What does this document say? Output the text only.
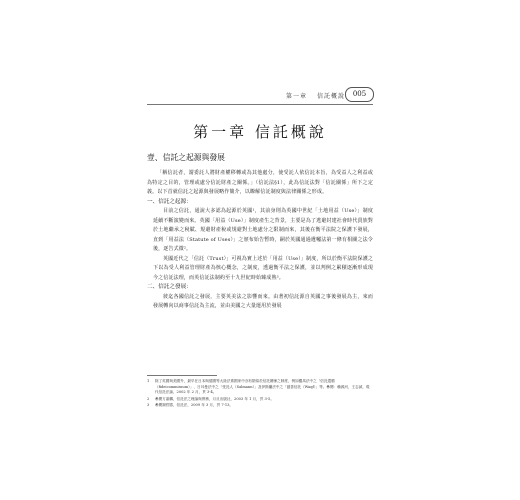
第一章 信託概說	005
第一章 信託概說
壹、信託之起源與發展

「稱信託者，謂委託人將財產權移轉或為其他處分，使受託人依信託本旨，為受益人之利益或為特定之目的，管理或處分信託財產之關係。」（信託法§1），此為信託法對「信託關係」所下之定義。以下首就信託之起源與發展略作簡介，以瞭解信託制度與法律關係之形成。

一、信託之起源：

目前之信託，通說大多認為起源於英國¹，其前身則為英國中世紀「土地用益（Use）」制度延續不斷演變而來。英國「用益（Use）」制度產生之背景，主要是為了逃避封建社會時代貴族對於土地繼承之稅賦、規避財產稅或規避對土地處分之限制而來，其後在衡平法院之保護下發展，直到「用益法（Statute of Uses）」之頒布始告暫時，嗣於英國通過遺囑法第一條有相關之法令後，逐告式微²。

英國近代之「信託（Trust）」可視為實上述於「用益（Use）」制度，所以於衡平法院保護之下以為受人利益管理財產為核心概念，之制度，透過衡平法之保護，並以判例之累積逐漸形成現今之信託法理，而英信託法制約至十九世紀時始臻成熟³。

二、信託之發展：

彼迄各國信託之發展，主要英美法之影響而來。由著初信託源自英國之事後發展為主，來而發展轉向以商事信託為主流，並由美國之大量運用於發展

1 除了英國與美國外，最早在日本與德國等大陸法系國家中亦有類似於信託關係之制度，例如羅馬法中之「信託遺贈（fideicommissum）」、日耳曼法中之「受託人（Salmann）」及伊斯蘭法中之「慈善信託（Waqf）」等。參閱：賴源河、王志誠，現代信託法論，2002 年 2 月，頁 3-4。

2 參閱方嘉麟，信託法之理論與實務，月旦出版社，2003 年 1 月，頁 3-5。

3 參閱謝哲勝，信託法，2009 年 3 月，頁 7-13。
